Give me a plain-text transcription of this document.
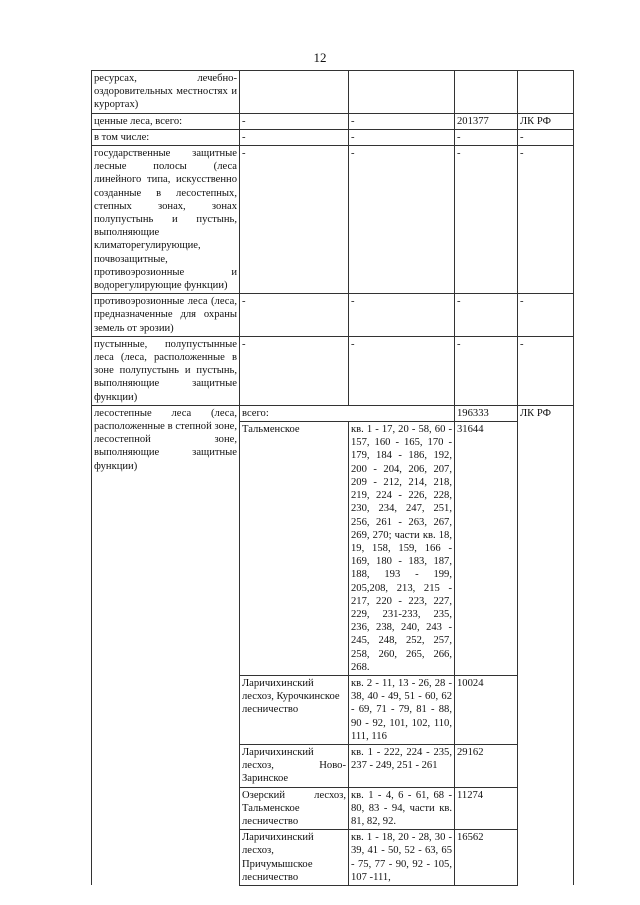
12
ресурсах, лечебно-оздоровительных местностях и курортах)				
ценные леса, всего:	-	-	201377	ЛК РФ
в том числе:	-	-	-	-
государственные защитные лесные полосы (леса линейного типа, искусственно созданные в лесостепных, степных зонах, зонах полупустынь и пустынь, выполняющие климаторегулирующие, почвозащитные, противоэрозионные и водорегулирующие функции)	-	-	-	-
противоэрозионные леса (леса, предназначенные для охраны земель от эрозии)	-	-	-	-
пустынные, полупустынные леса (леса, расположенные в зоне полупустынь и пустынь, выполняющие защитные функции)	-	-	-	-
лесостепные леса (леса, расположенные в степной зоне, лесостепной зоне, выполняющие защитные функции)	всего:		196333	ЛК РФ
	Тальменское	кв. 1 - 17, 20 - 58, 60 - 157, 160 - 165, 170 - 179, 184 - 186, 192, 200 - 204, 206, 207, 209 - 212, 214, 218, 219, 224 - 226, 228, 230, 234, 247, 251, 256, 261 - 263, 267, 269, 270; части кв. 18, 19, 158, 159, 166 - 169, 180 - 183, 187, 188, 193 - 199, 205,208, 213, 215 - 217, 220 - 223, 227, 229, 231-233, 235, 236, 238, 240, 243 - 245, 248, 252, 257, 258, 260, 265, 266, 268.	31644	
	Ларичихинский лесхоз, Курочкинское лесничество	кв. 2 - 11, 13 - 26, 28 - 38, 40 - 49, 51 - 60, 62 - 69, 71 - 79, 81 - 88, 90 - 92, 101, 102, 110, 111, 116	10024	
	Ларичихинский лесхоз, Ново-Заринское	кв. 1 - 222, 224 - 235, 237 - 249, 251 - 261	29162	
	Озерский лесхоз, Тальменское лесничество	кв. 1 - 4, 6 - 61, 68 - 80, 83 - 94, части кв. 81, 82, 92.	11274	
	Ларичихинский лесхоз, Причумышское лесничество	кв. 1 - 18, 20 - 28, 30 - 39, 41 - 50, 52 - 63, 65 - 75, 77 - 90, 92 - 105, 107 -111,	16562	
